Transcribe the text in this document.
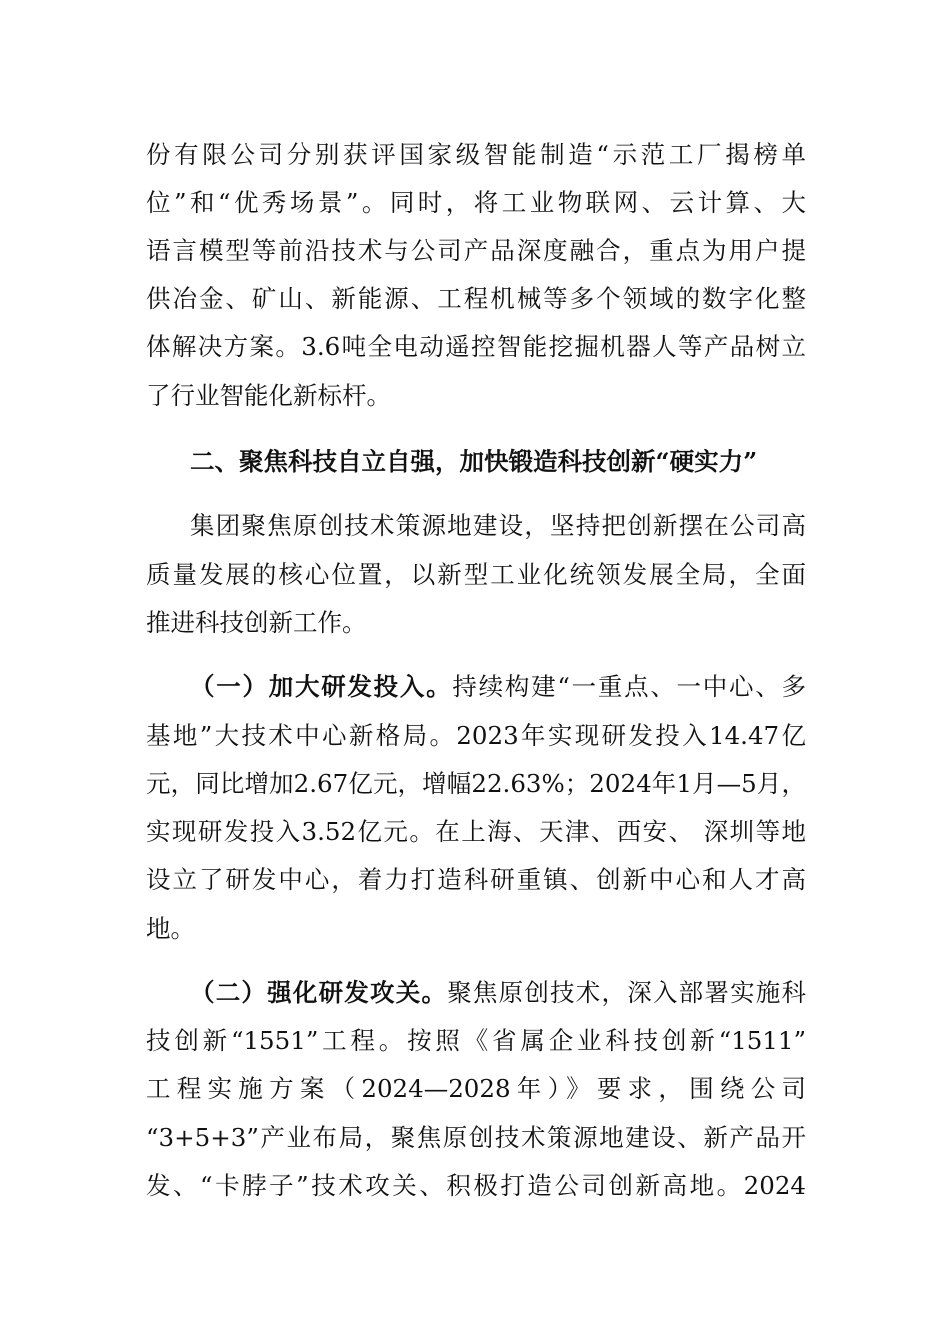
份有限公司分别获评国家级智能制造“示范工厂揭榜单
位”和“优秀场景”。同时，将工业物联网、云计算、大
语言模型等前沿技术与公司产品深度融合，重点为用户提
供冶金、矿山、新能源、工程机械等多个领域的数字化整
体解决方案。3.6吨全电动遥控智能挖掘机器人等产品树立
了行业智能化新标杆。
二、聚焦科技自立自强，加快锻造科技创新“硬实力”
集团聚焦原创技术策源地建设，坚持把创新摆在公司高
质量发展的核心位置，以新型工业化统领发展全局，全面
推进科技创新工作。
（一）加大研发投入。持续构建“一重点、一中心、多
基地”大技术中心新格局。2023年实现研发投入14.47亿
元，同比增加2.67亿元，增幅22.63%；2024年1月—5月，
实现研发投入3.52亿元。在上海、天津、西安、 深圳等地
设立了研发中心，着力打造科研重镇、创新中心和人才高
地。
（二）强化研发攻关。聚焦原创技术，深入部署实施科
技创新“1551”工程。按照《省属企业科技创新“1511”
工程实施方案（2024—2028年）》要求，围绕公司
“3+5+3”产业布局，聚焦原创技术策源地建设、新产品开
发、“卡脖子”技术攻关、积极打造公司创新高地。2024
